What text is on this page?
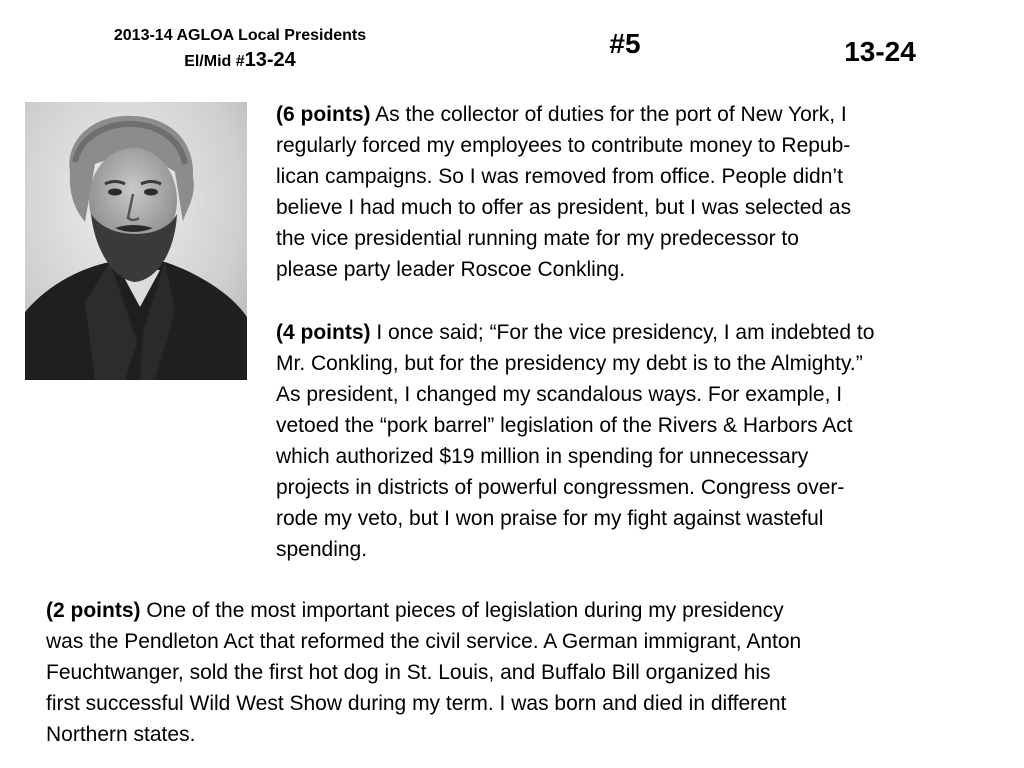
2013-14 AGLOA Local Presidents
El/Mid #13-24
#5	13-24

(6 points) As the collector of duties for the port of New York, I
regularly forced my employees to contribute money to Repub-
lican campaigns. So I was removed from office. People didn’t
believe I had much to offer as president, but I was selected as
the vice presidential running mate for my predecessor to
please party leader Roscoe Conkling.

(4 points) I once said; “For the vice presidency, I am indebted to
Mr. Conkling, but for the presidency my debt is to the Almighty.”
As president, I changed my scandalous ways. For example, I
vetoed the “pork barrel” legislation of the Rivers & Harbors Act
which authorized $19 million in spending for unnecessary
projects in districts of powerful congressmen. Congress over-
rode my veto, but I won praise for my fight against wasteful
spending.

(2 points) One of the most important pieces of legislation during my presidency
was the Pendleton Act that reformed the civil service. A German immigrant, Anton
Feuchtwanger, sold the first hot dog in St. Louis, and Buffalo Bill organized his
first successful Wild West Show during my term. I was born and died in different
Northern states.
